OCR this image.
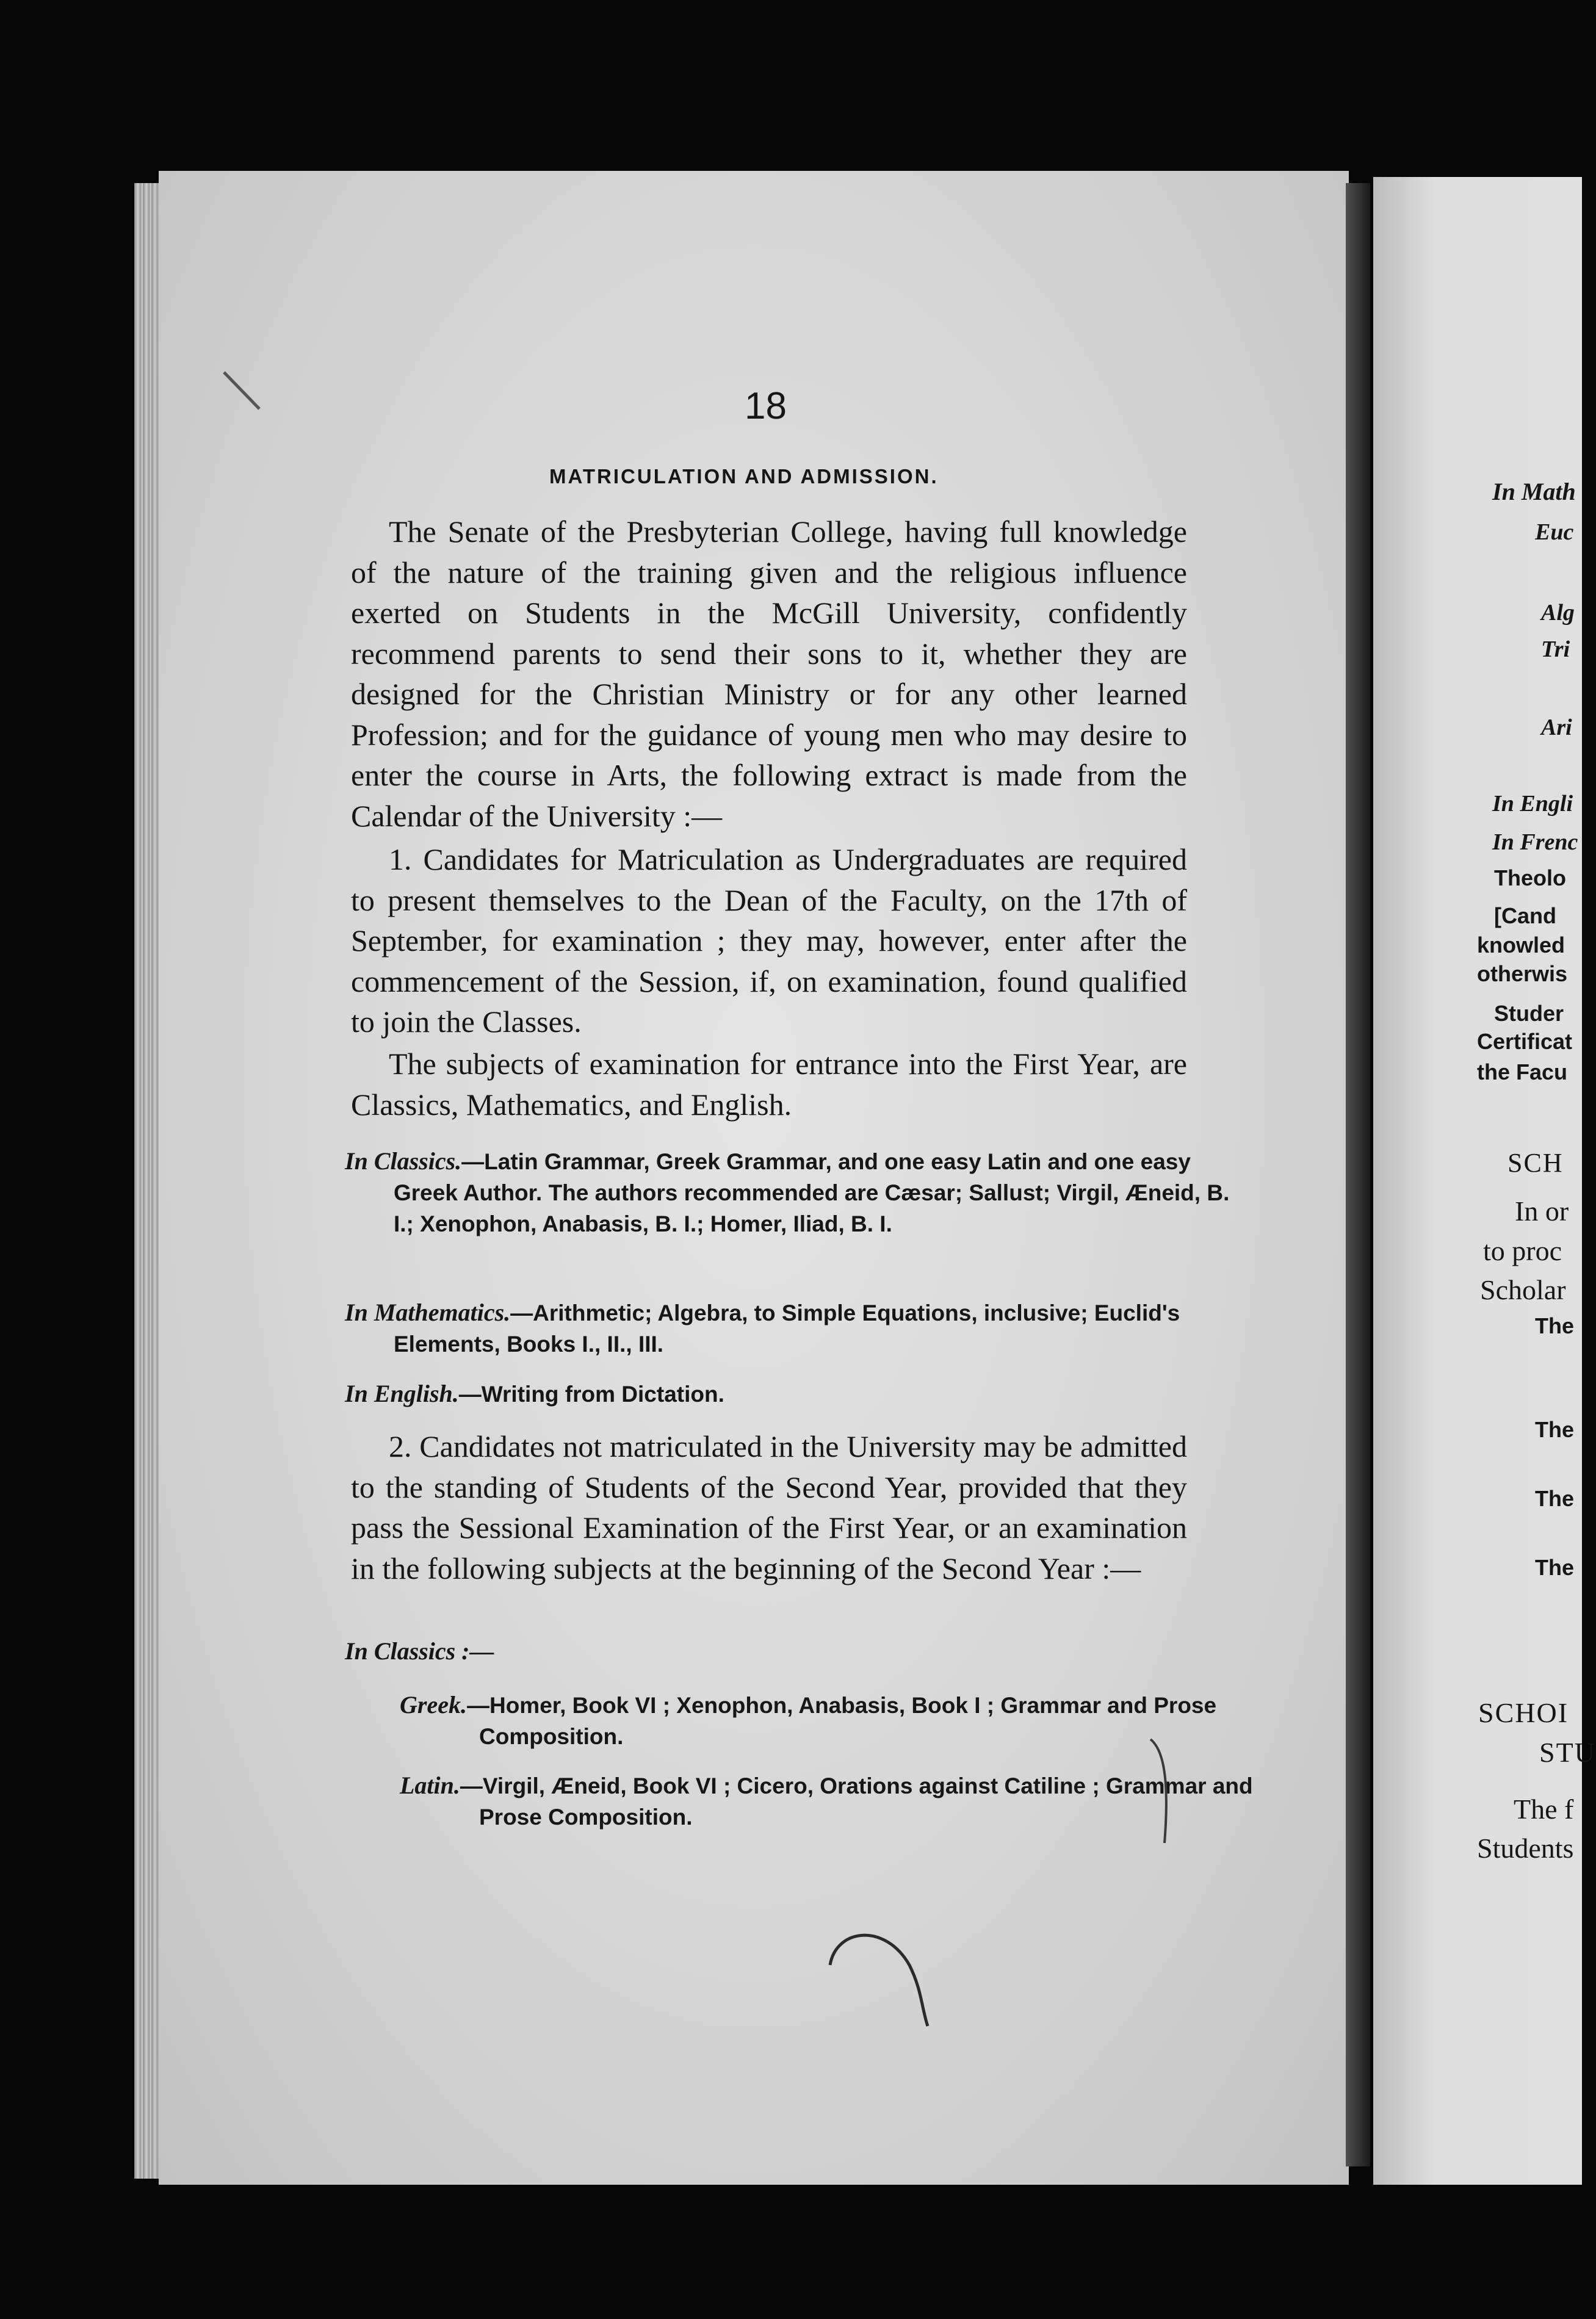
In Math
Euc
Alg
Tri
Ari
In Engli
In Frenc
Theolo
[Cand
knowled
otherwis
Studer
Certificat
the Facu
SCH
In or
to proc
Scholar
The
The
The
The
SCHOI
STU
The f
Students
18
MATRICULATION AND ADMISSION.
The Senate of the Presbyterian College, having full knowledge of the nature of the training given and the religious influence exerted on Students in the McGill University, confidently recommend parents to send their sons to it, whether they are designed for the Christian Ministry or for any other learned Profession; and for the guidance of young men who may desire to enter the course in Arts, the following extract is made from the Calendar of the University :—
1. Candidates for Matriculation as Undergraduates are required to present themselves to the Dean of the Faculty, on the 17th of September, for examination ; they may, however, enter after the commencement of the Session, if, on examination, found qualified to join the Classes.
The subjects of examination for entrance into the First Year, are Classics, Mathematics, and English.
In Classics.—Latin Grammar, Greek Grammar, and one easy Latin and one easy Greek Author. The authors recommended are Cæsar; Sallust; Virgil, Æneid, B. I.; Xenophon, Anabasis, B. I.; Homer, Iliad, B. I.
In Mathematics.—Arithmetic; Algebra, to Simple Equations, inclusive; Euclid's Elements, Books I., II., III.
In English.—Writing from Dictation.
2. Candidates not matriculated in the University may be admitted to the standing of Students of the Second Year, provided that they pass the Sessional Examination of the First Year, or an examination in the following subjects at the beginning of the Second Year :—
In Classics :—
Greek.—Homer, Book VI ; Xenophon, Anabasis, Book I ; Grammar and Prose Composition.
Latin.—Virgil, Æneid, Book VI ; Cicero, Orations against Catiline ; Grammar and Prose Composition.
